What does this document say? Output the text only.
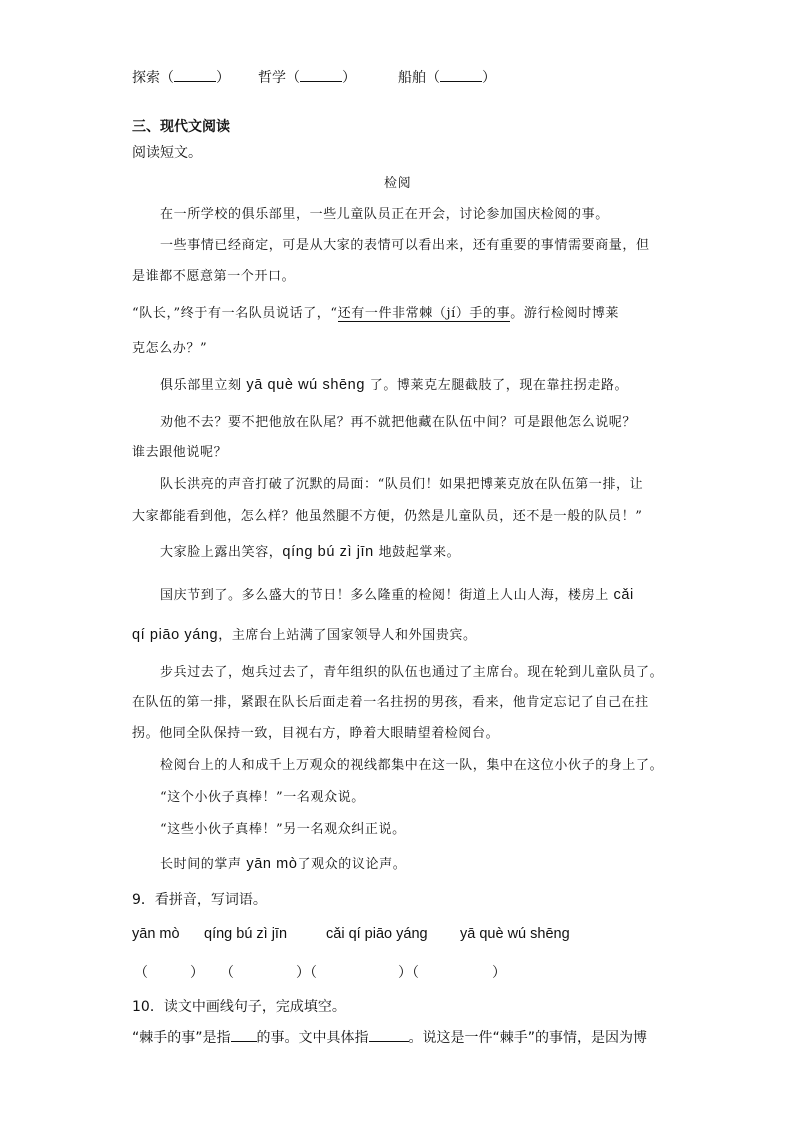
探索（	） 哲学（	）	船舶（	）
三、现代文阅读
阅读短文。
检阅
在一所学校的俱乐部里，一些儿童队员正在开会，讨论参加国庆检阅的事。
一些事情已经商定，可是从大家的表情可以看出来，还有重要的事情需要商量，但
是谁都不愿意第一个开口。
“队长，”终于有一名队员说话了，“还有一件非常棘（jí）手的事。游行检阅时博莱
克怎么办？”
俱乐部里立刻 yā què wú shēng 了。博莱克左腿截肢了，现在靠拄拐走路。
劝他不去？要不把他放在队尾？再不就把他藏在队伍中间？可是跟他怎么说呢？
谁去跟他说呢？
队长洪亮的声音打破了沉默的局面：“队员们！如果把博莱克放在队伍第一排，让
大家都能看到他，怎么样？他虽然腿不方便，仍然是儿童队员，还不是一般的队员！”
大家脸上露出笑容，qíng bú zì jīn 地鼓起掌来。
国庆节到了。多么盛大的节日！多么隆重的检阅！街道上人山人海，楼房上 cǎi
qí piāo yáng，主席台上站满了国家领导人和外国贵宾。
步兵过去了，炮兵过去了，青年组织的队伍也通过了主席台。现在轮到儿童队员了。
在队伍的第一排，紧跟在队长后面走着一名拄拐的男孩，看来，他肯定忘记了自己在拄
拐。他同全队保持一致，目视右方，睁着大眼睛望着检阅台。
检阅台上的人和成千上万观众的视线都集中在这一队，集中在这位小伙子的身上了。
“这个小伙子真棒！”一名观众说。
“这些小伙子真棒！”另一名观众纠正说。
长时间的掌声 yān mò了观众的议论声。
9．看拼音，写词语。
yān mò qíng bú zì jīn	cǎi qí piāo yáng yā què wú shēng
（	） （	）（	）（	）
10．读文中画线句子，完成填空。
“棘手的事”是指 的事。文中具体指	。说这是一件“棘手”的事情，是因为博
